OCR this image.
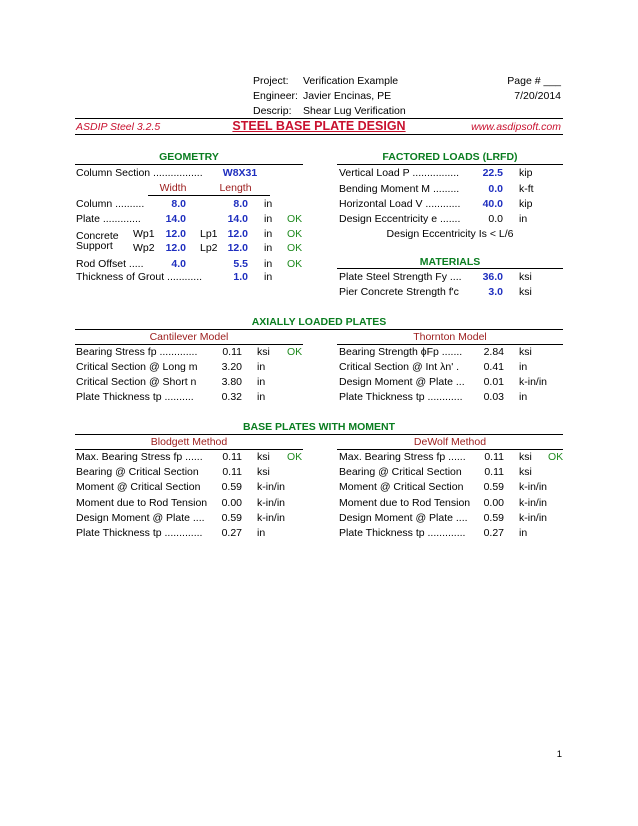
Project: Verification Example	Page # ___
Engineer: Javier Encinas, PE	7/20/2014
Descrip: Shear Lug Verification
ASDIP Steel 3.2.5	STEEL BASE PLATE DESIGN	www.asdipsoft.com
GEOMETRY
Column Section ................. W8X31
Width	Length
Column ..........	8.0	8.0 in
Plate .............	14.0	14.0 in OK
Concrete
Support
Wp1	12.0 Lp1 12.0 in OK
Wp2	12.0 Lp2 12.0 in OK
Rod Offset .....	4.0	5.5 in OK
Thickness of Grout ............	1.0 in
FACTORED LOADS (LRFD)
Vertical Load P ................	22.5 kip
Bending Moment M .........	0.0 k-ft
Horizontal Load V ............	40.0 kip
Design Eccentricity e .......	0.0 in
Design Eccentricity Is < L/6
MATERIALS
Plate Steel Strength Fy ....	36.0 ksi
Pier Concrete Strength f'c	3.0 ksi
AXIALLY LOADED PLATES
Cantilever Model	Thornton Model
Bearing Stress fp .............	0.11 ksi OK
Critical Section @ Long m	3.20 in
Critical Section @ Short n	3.80 in
Plate Thickness tp ..........	0.32 in
Bearing Strength ϕFp .......	2.84 ksi
Critical Section @ Int λn' .	0.41 in
Design Moment @ Plate ...	0.01 k-in/in
Plate Thickness tp ............	0.03 in
BASE PLATES WITH MOMENT
Blodgett Method	DeWolf Method
Max. Bearing Stress fp ......	0.11 ksi OK
Bearing @ Critical Section	0.11 ksi
Moment @ Critical Section	0.59 k-in/in
Moment due to Rod Tension	0.00 k-in/in
Design Moment @ Plate ....	0.59 k-in/in
Plate Thickness tp .............	0.27 in
Max. Bearing Stress fp ......	0.11 ksi OK
Bearing @ Critical Section	0.11 ksi
Moment @ Critical Section	0.59 k-in/in
Moment due to Rod Tension	0.00 k-in/in
Design Moment @ Plate ....	0.59 k-in/in
Plate Thickness tp .............	0.27 in
1
